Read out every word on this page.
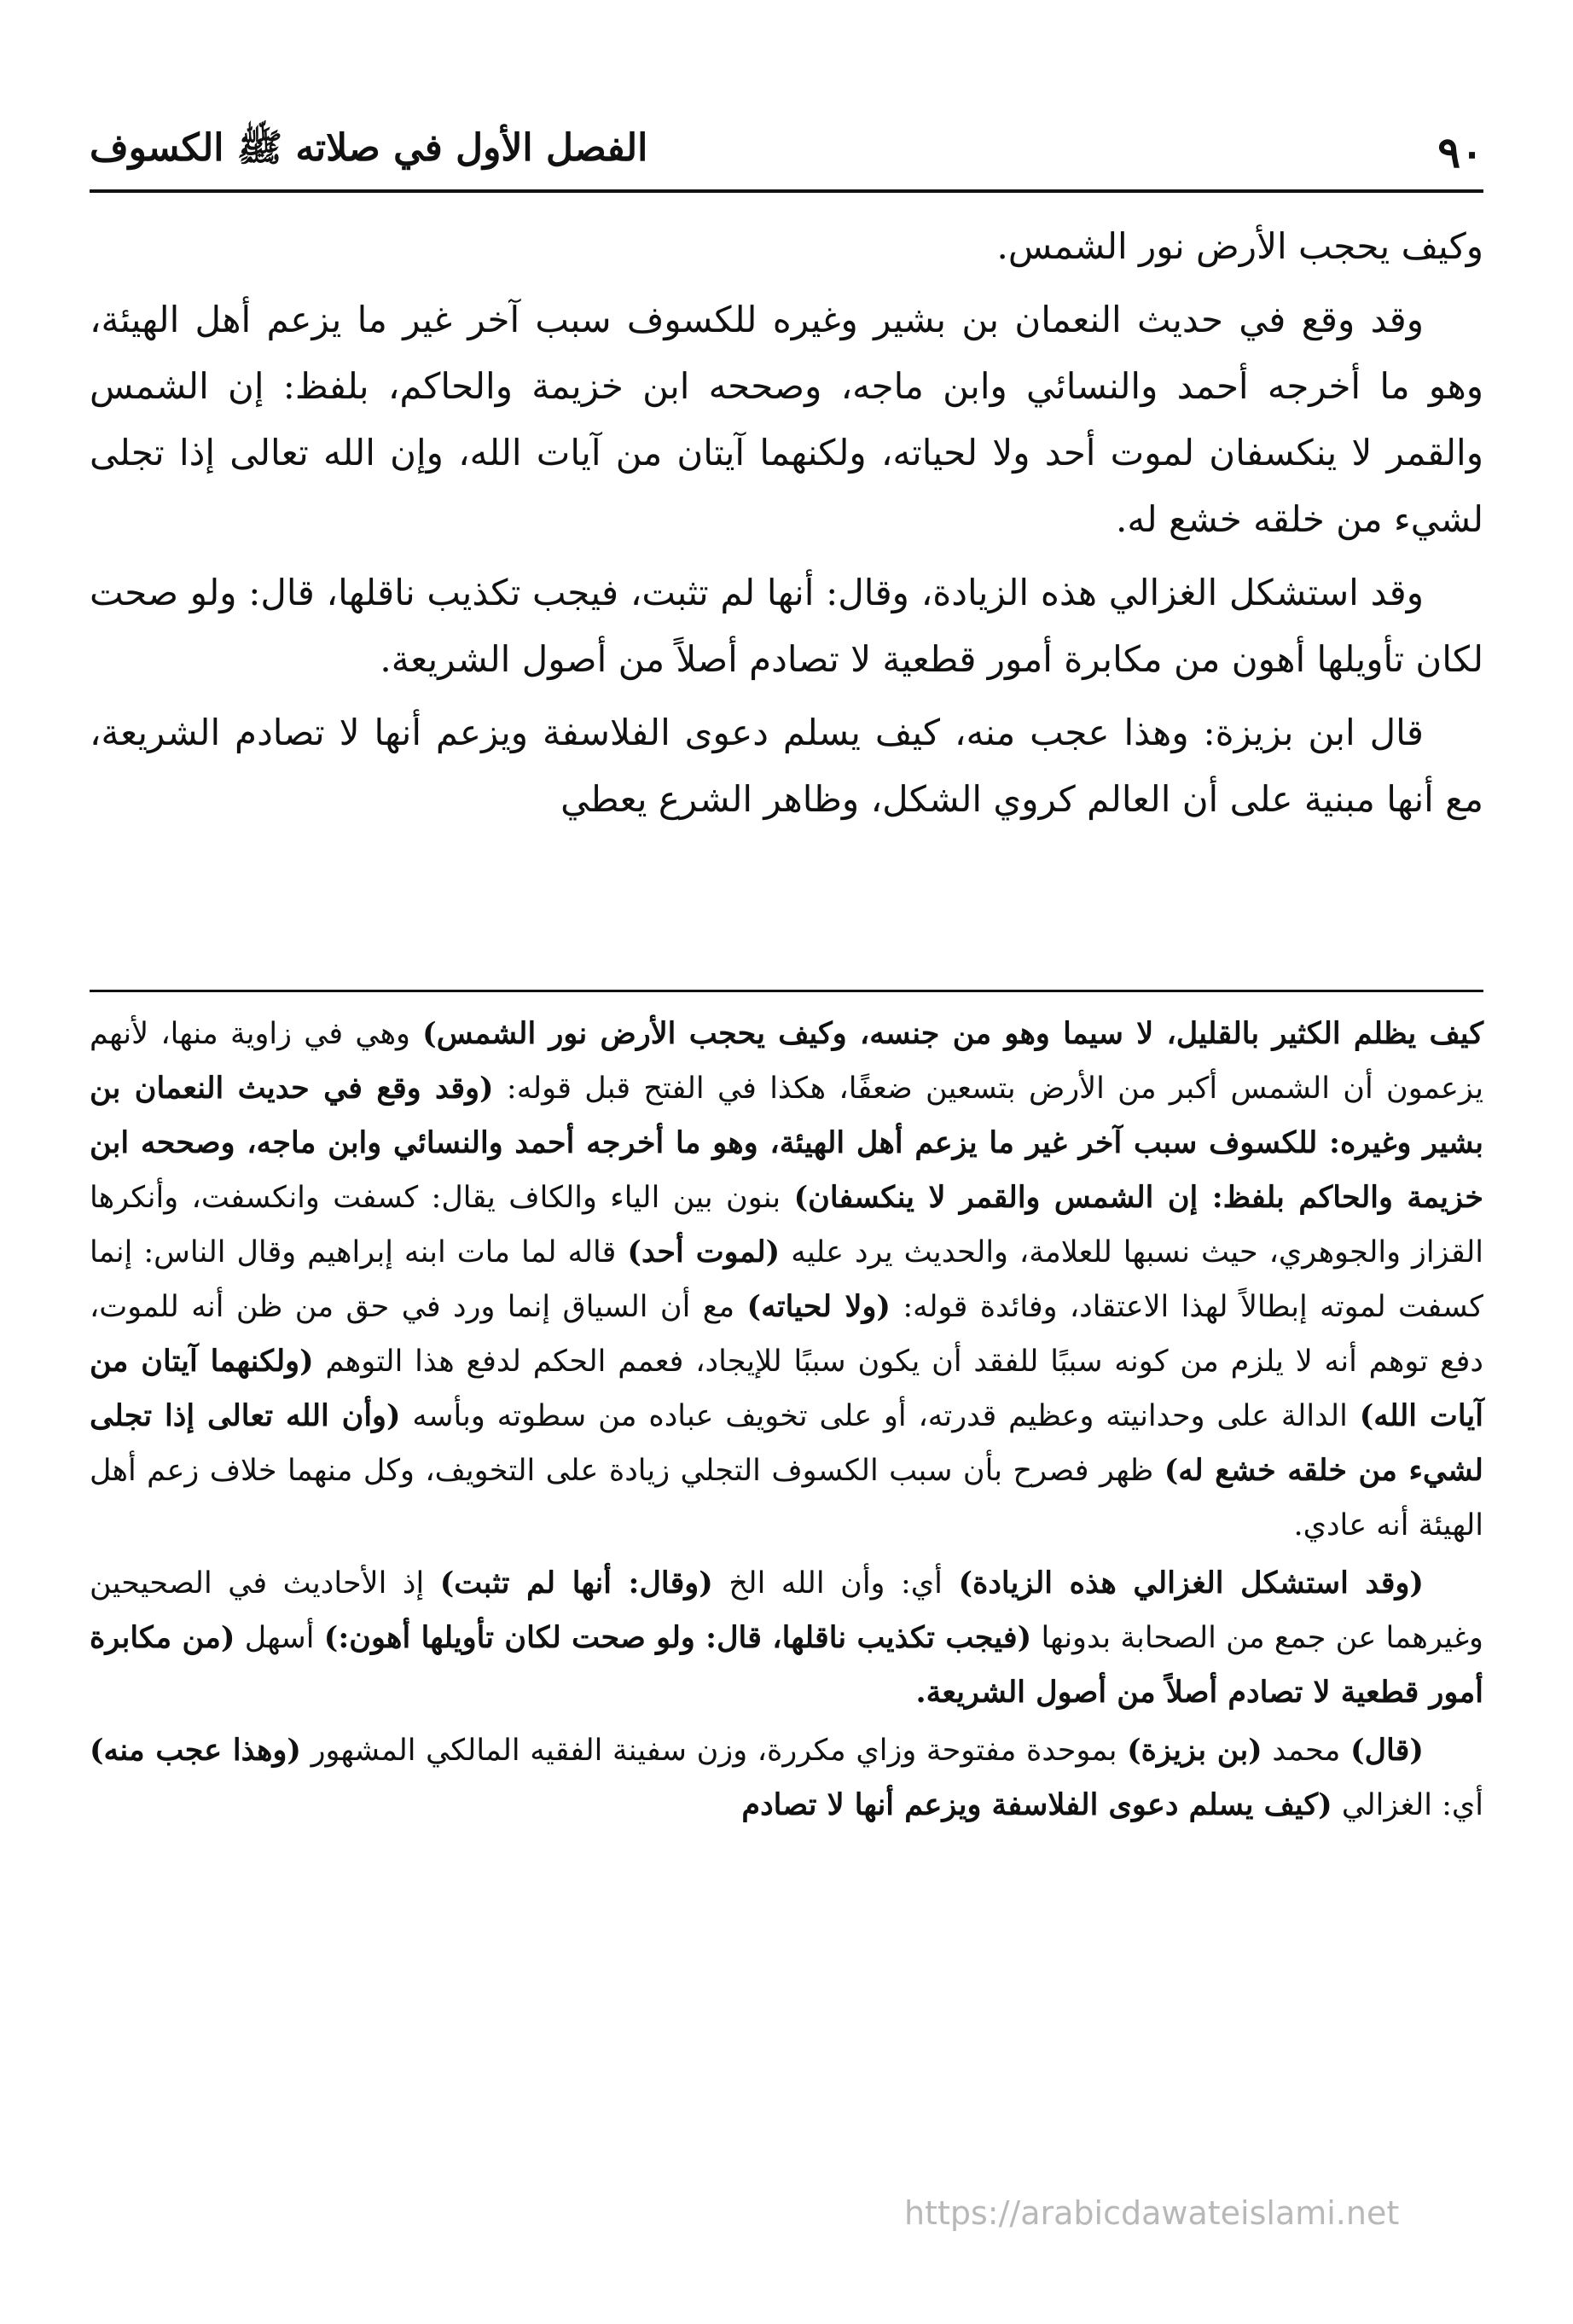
٩٠
الفصل الأول في صلاته ﷺ الكسوف

وكيف يحجب الأرض نور الشمس.

وقد وقع في حديث النعمان بن بشير وغيره للكسوف سبب آخر غير ما يزعم أهل الهيئة، وهو ما أخرجه أحمد والنسائي وابن ماجه، وصححه ابن خزيمة والحاكم، بلفظ: إن الشمس والقمر لا ينكسفان لموت أحد ولا لحياته، ولكنهما آيتان من آيات الله، وإن الله تعالى إذا تجلى لشيء من خلقه خشع له.

وقد استشكل الغزالي هذه الزيادة، وقال: أنها لم تثبت، فيجب تكذيب ناقلها، قال: ولو صحت لكان تأويلها أهون من مكابرة أمور قطعية لا تصادم أصلاً من أصول الشريعة.

قال ابن بزيزة: وهذا عجب منه، كيف يسلم دعوى الفلاسفة ويزعم أنها لا تصادم الشريعة، مع أنها مبنية على أن العالم كروي الشكل، وظاهر الشرع يعطي

كيف يظلم الكثير بالقليل، لا سيما وهو من جنسه، وكيف يحجب الأرض نور الشمس) وهي في زاوية منها، لأنهم يزعمون أن الشمس أكبر من الأرض بتسعين ضعفًا، هكذا في الفتح قبل قوله: (وقد وقع في حديث النعمان بن بشير وغيره: للكسوف سبب آخر غير ما يزعم أهل الهيئة، وهو ما أخرجه أحمد والنسائي وابن ماجه، وصححه ابن خزيمة والحاكم بلفظ: إن الشمس والقمر لا ينكسفان) بنون بين الياء والكاف يقال: كسفت وانكسفت، وأنكرها القزاز والجوهري، حيث نسبها للعلامة، والحديث يرد عليه (لموت أحد) قاله لما مات ابنه إبراهيم وقال الناس: إنما كسفت لموته إبطالاً لهذا الاعتقاد، وفائدة قوله: (ولا لحياته) مع أن السياق إنما ورد في حق من ظن أنه للموت، دفع توهم أنه لا يلزم من كونه سببًا للفقد أن يكون سببًا للإيجاد، فعمم الحكم لدفع هذا التوهم (ولكنهما آيتان من آيات الله) الدالة على وحدانيته وعظيم قدرته، أو على تخويف عباده من سطوته وبأسه (وأن الله تعالى إذا تجلى لشيء من خلقه خشع له) ظهر فصرح بأن سبب الكسوف التجلي زيادة على التخويف، وكل منهما خلاف زعم أهل الهيئة أنه عادي.

(وقد استشكل الغزالي هذه الزيادة) أي: وأن الله الخ (وقال: أنها لم تثبت) إذ الأحاديث في الصحيحين وغيرهما عن جمع من الصحابة بدونها (فيجب تكذيب ناقلها، قال: ولو صحت لكان تأويلها أهون:) أسهل (من مكابرة أمور قطعية لا تصادم أصلاً من أصول الشريعة.

(قال) محمد (بن بزيزة) بموحدة مفتوحة وزاي مكررة، وزن سفينة الفقيه المالكي المشهور (وهذا عجب منه) أي: الغزالي (كيف يسلم دعوى الفلاسفة ويزعم أنها لا تصادم

https://arabicdawateislami.net
